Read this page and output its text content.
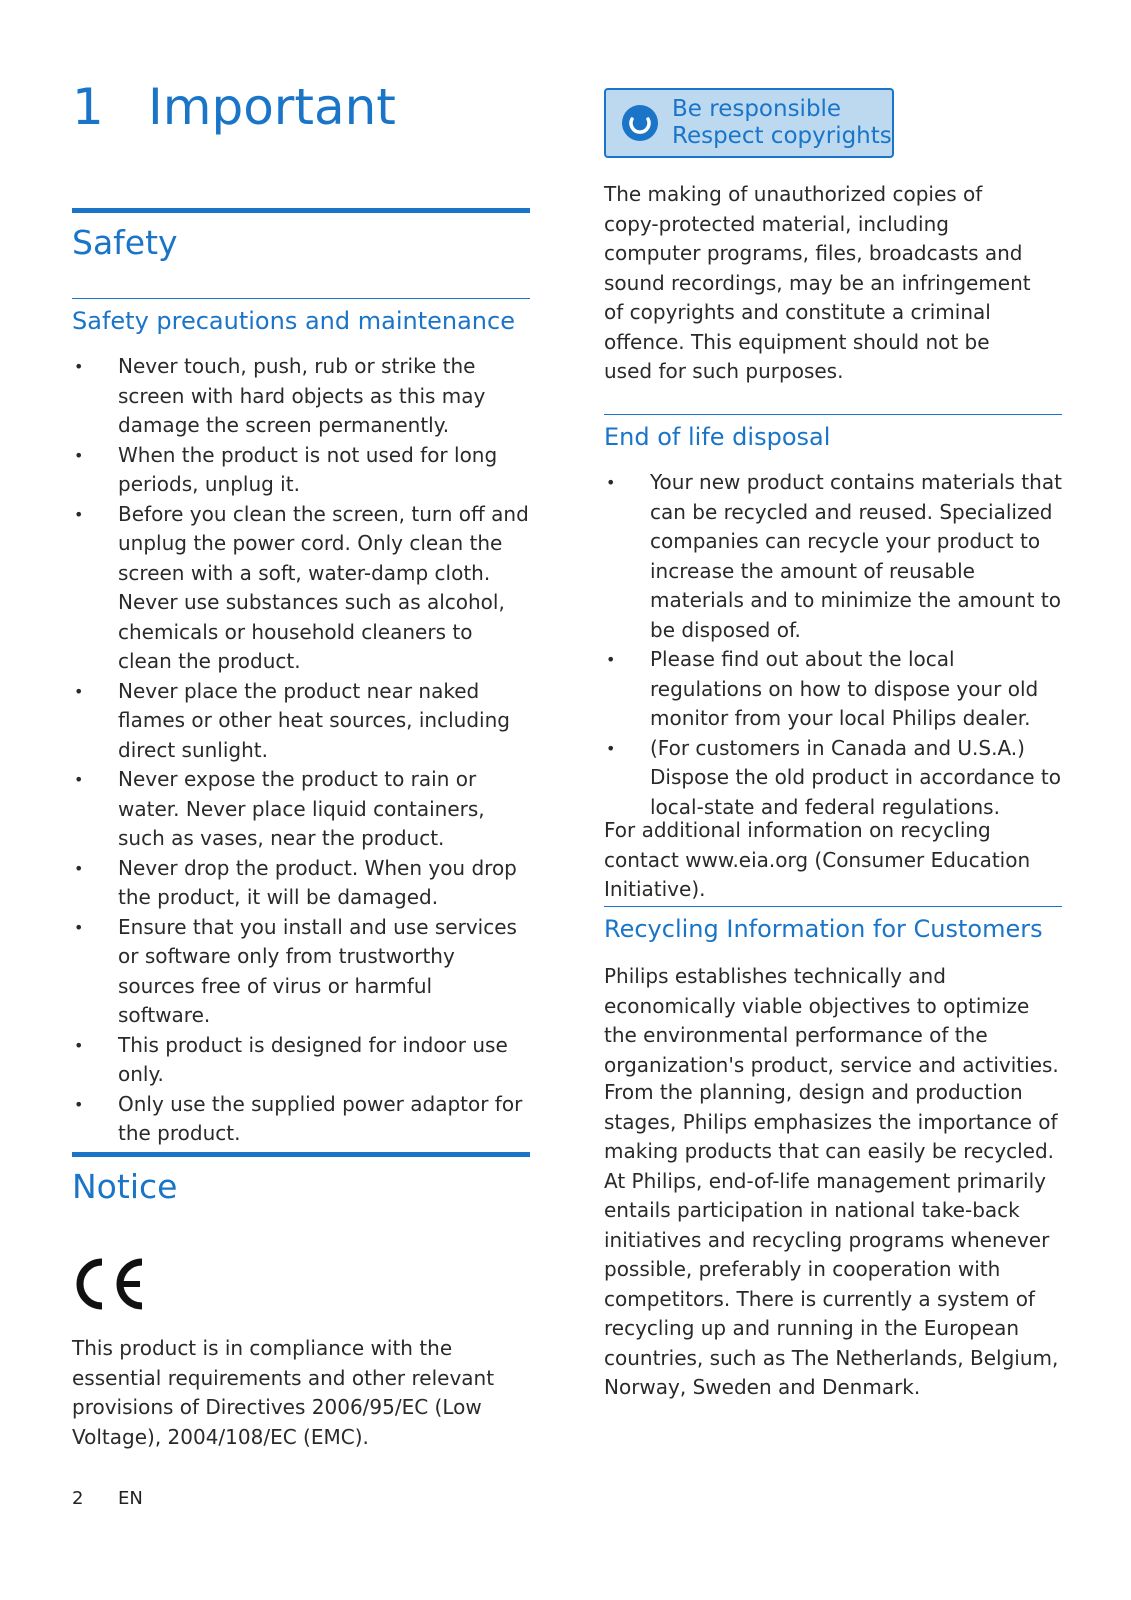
1 Important
Safety
Safety precautions and maintenance
• Never touch, push, rub or strike the screen with hard objects as this may damage the screen permanently.
• When the product is not used for long periods, unplug it.
• Before you clean the screen, turn off and unplug the power cord. Only clean the screen with a soft, water-damp cloth. Never use substances such as alcohol, chemicals or household cleaners to clean the product.
• Never place the product near naked flames or other heat sources, including direct sunlight.
• Never expose the product to rain or water. Never place liquid containers, such as vases, near the product.
• Never drop the product. When you drop the product, it will be damaged.
• Ensure that you install and use services or software only from trustworthy sources free of virus or harmful software.
• This product is designed for indoor use only.
• Only use the supplied power adaptor for the product.
Notice

This product is in compliance with the essential requirements and other relevant provisions of Directives 2006/95/EC (Low Voltage), 2004/108/EC (EMC).

Be responsible
Respect copyrights

The making of unauthorized copies of copy-protected material, including computer programs, files, broadcasts and sound recordings, may be an infringement of copyrights and constitute a criminal offence. This equipment should not be used for such purposes.

End of life disposal
• Your new product contains materials that can be recycled and reused. Specialized companies can recycle your product to increase the amount of reusable materials and to minimize the amount to be disposed of.
• Please find out about the local regulations on how to dispose your old monitor from your local Philips dealer.
• (For customers in Canada and U.S.A.) Dispose the old product in accordance to local-state and federal regulations.

For additional information on recycling contact www.eia.org (Consumer Education Initiative).

Recycling Information for Customers

Philips establishes technically and economically viable objectives to optimize the environmental performance of the organization's product, service and activities.

From the planning, design and production stages, Philips emphasizes the importance of making products that can easily be recycled. At Philips, end-of-life management primarily entails participation in national take-back initiatives and recycling programs whenever possible, preferably in cooperation with competitors. There is currently a system of recycling up and running in the European countries, such as The Netherlands, Belgium, Norway, Sweden and Denmark.

2 EN
